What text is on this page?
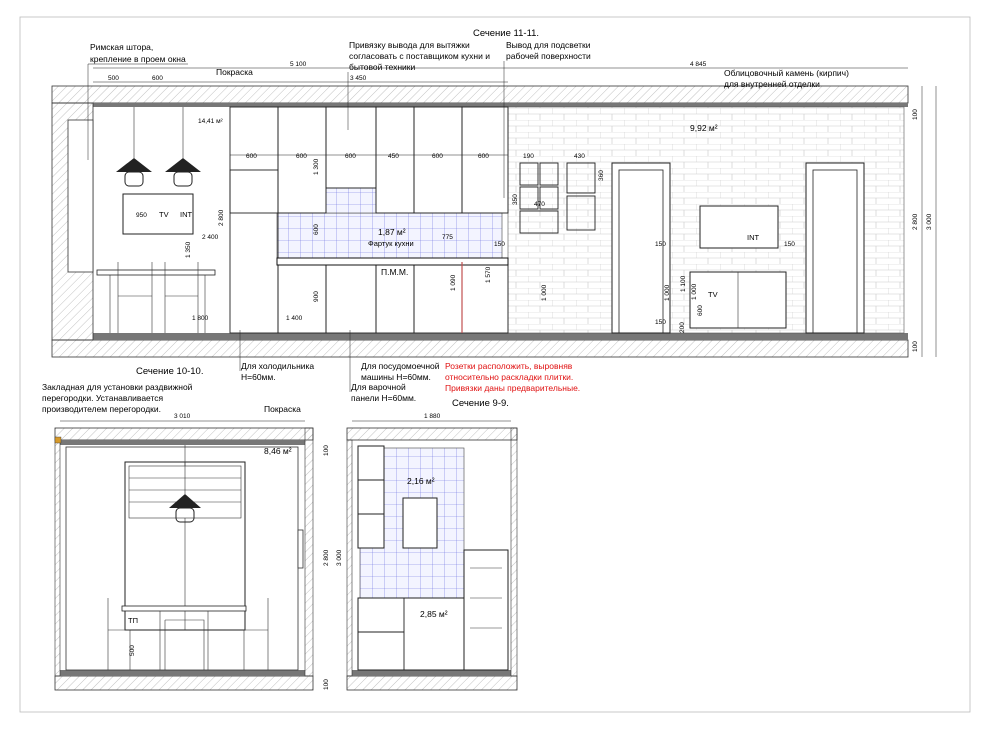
Сечение 11-11.
5 100	4 845
3 450
500	600
600	600	600	450	600	600
950
2 400
1 350
2 800
1 300
600
775
150
1 090	1 570
900
1 800	1 400
1 000
190	430
360
350 470
1 000
150	150
1 100 1 000
600
150 200
100
2 800 3 000
100
14,41 м²
1,87 м²
9,92 м²
Фартук кухни
П.М.М.
TV INT
TV
INT
Римская штора,
крепление в проем окна
Покраска
Привязку вывода для вытяжки
согласовать с поставщиком кухни и
бытовой техники
Вывод для подсветки
рабочей поверхности
Облицовочный камень (кирпич)
для внутренней отделки
Для холодильника
H=60мм.
Для посудомоечной
машины H=60мм.
Для варочной
панели H=60мм.
Розетки расположить, выровняв
относительно раскладки плитки.
Привязки даны предварительные.
Сечение 10-10.
Закладная для установки раздвижной
перегородки. Устанавливается
производителем перегородки.	Покраска
3 010
8,46 м²
ТП
500
100
2 800 3 000
100
Сечение 9-9.
1 880
2,16 м²
2,85 м²
